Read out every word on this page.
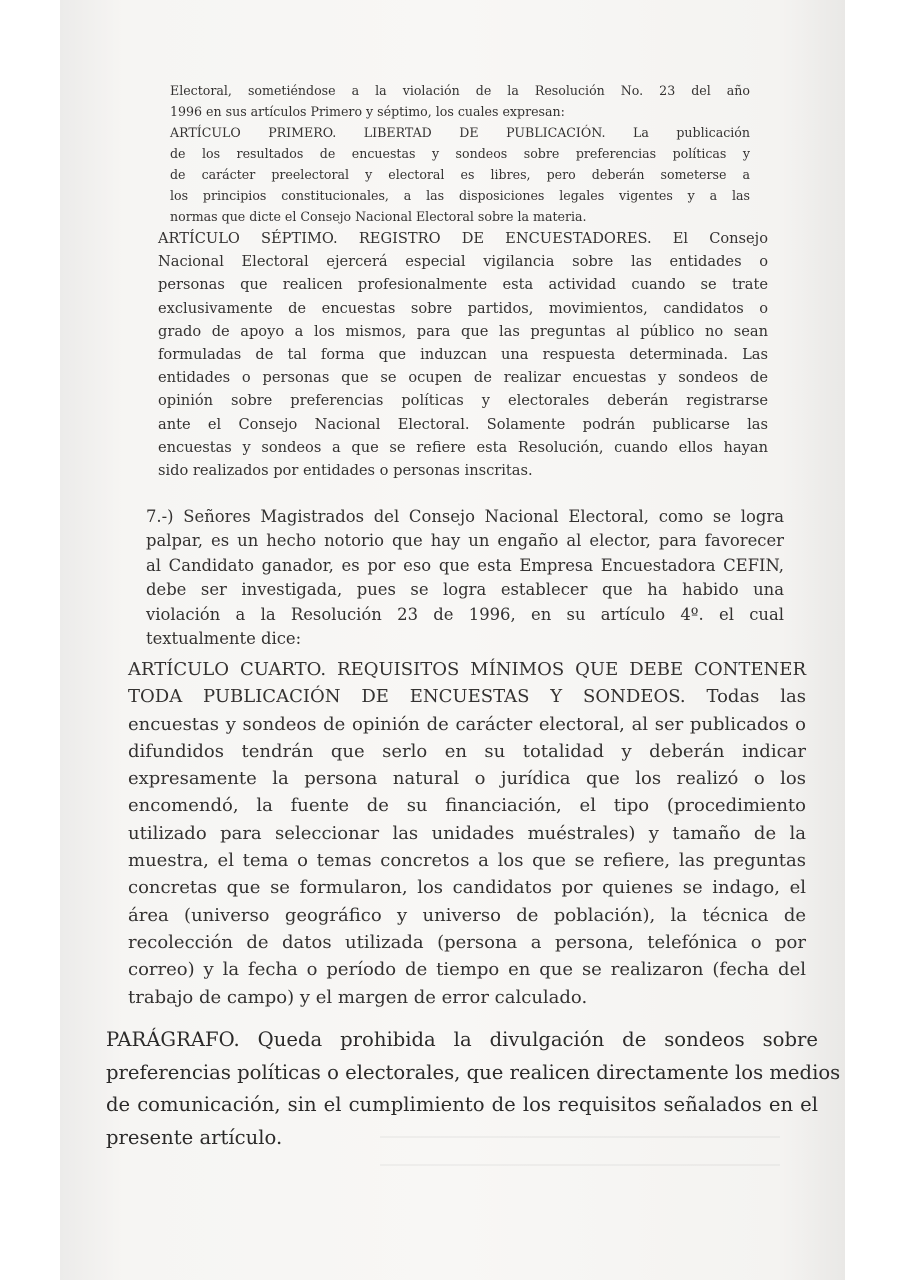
Electoral, sometiéndose a la violación de la Resolución No. 23 del año
1996 en sus artículos Primero y séptimo, los cuales expresan:
ARTÍCULO PRIMERO. LIBERTAD DE PUBLICACIÓN. La publicación
de los resultados de encuestas y sondeos sobre preferencias políticas y
de carácter preelectoral y electoral es libres, pero deberán someterse a
los principios constitucionales, a las disposiciones legales vigentes y a las
normas que dicte el Consejo Nacional Electoral sobre la materia.
ARTÍCULO SÉPTIMO. REGISTRO DE ENCUESTADORES. El Consejo
Nacional Electoral ejercerá especial vigilancia sobre las entidades o
personas que realicen profesionalmente esta actividad cuando se trate
exclusivamente de encuestas sobre partidos, movimientos, candidatos o
grado de apoyo a los mismos, para que las preguntas al público no sean
formuladas de tal forma que induzcan una respuesta determinada. Las
entidades o personas que se ocupen de realizar encuestas y sondeos de
opinión sobre preferencias políticas y electorales deberán registrarse
ante el Consejo Nacional Electoral. Solamente podrán publicarse las
encuestas y sondeos a que se refiere esta Resolución, cuando ellos hayan
sido realizados por entidades o personas inscritas.
7.-) Señores Magistrados del Consejo Nacional Electoral, como se logra
palpar, es un hecho notorio que hay un engaño al elector, para favorecer
al Candidato ganador, es por eso que esta Empresa Encuestadora CEFIN,
debe ser investigada, pues se logra establecer que ha habido una
violación a la Resolución 23 de 1996, en su artículo 4º. el cual
textualmente dice:
ARTÍCULO CUARTO. REQUISITOS MÍNIMOS QUE DEBE CONTENER
TODA PUBLICACIÓN DE ENCUESTAS Y SONDEOS. Todas las
encuestas y sondeos de opinión de carácter electoral, al ser publicados o
difundidos tendrán que serlo en su totalidad y deberán indicar
expresamente la persona natural o jurídica que los realizó o los
encomendó, la fuente de su financiación, el tipo (procedimiento
utilizado para seleccionar las unidades muéstrales) y tamaño de la
muestra, el tema o temas concretos a los que se refiere, las preguntas
concretas que se formularon, los candidatos por quienes se indago, el
área (universo geográfico y universo de población), la técnica de
recolección de datos utilizada (persona a persona, telefónica o por
correo) y la fecha o período de tiempo en que se realizaron (fecha del
trabajo de campo) y el margen de error calculado.
PARÁGRAFO. Queda prohibida la divulgación de sondeos sobre
preferencias políticas o electorales, que realicen directamente los medios
de comunicación, sin el cumplimiento de los requisitos señalados en el
presente artículo.
